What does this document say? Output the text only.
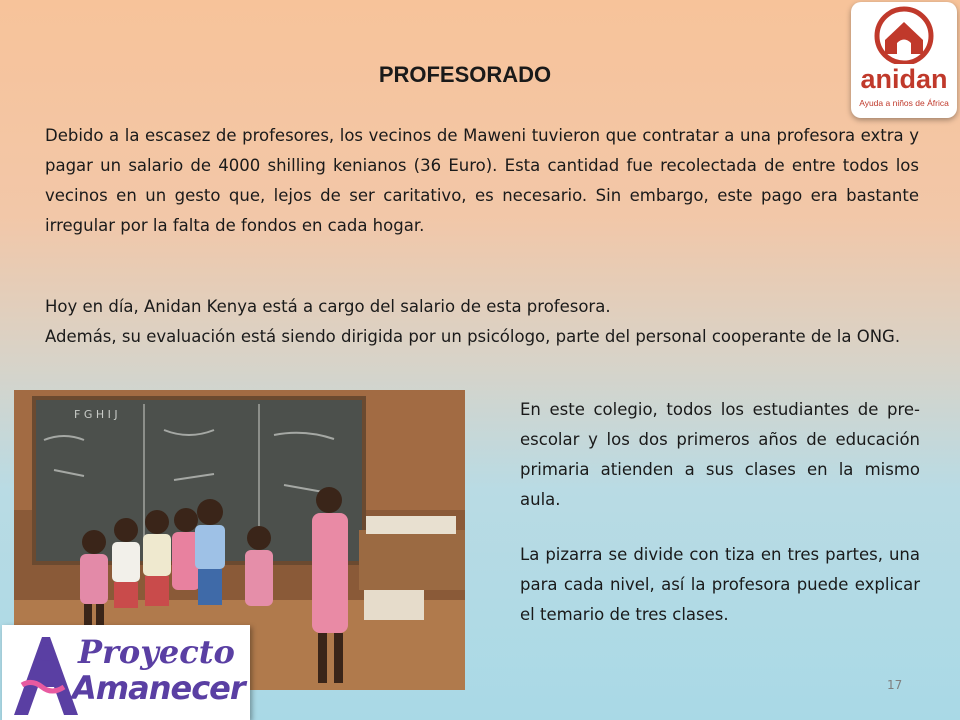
PROFESORADO
Debido a la escasez de profesores, los vecinos de Maweni tuvieron que contratar a una profesora extra y pagar un salario de 4000 shilling kenianos (36 Euro). Esta cantidad fue recolectada de entre todos los vecinos en un gesto que, lejos de ser caritativo, es necesario. Sin embargo, este pago era bastante irregular por la falta de fondos en cada hogar.
Hoy en día, Anidan Kenya está a cargo del salario de esta profesora.
Además, su evaluación está siendo dirigida por un psicólogo, parte del personal cooperante de la ONG.
En este colegio, todos los estudiantes de pre-escolar y los dos primeros años de educación primaria atienden a sus clases en la mismo aula.
La pizarra se divide con tiza en tres partes, una para cada nivel, así la profesora puede explicar el temario de tres clases.
F G H I J
anidan
Ayuda a niños de África
Proyecto
Amanecer	17
